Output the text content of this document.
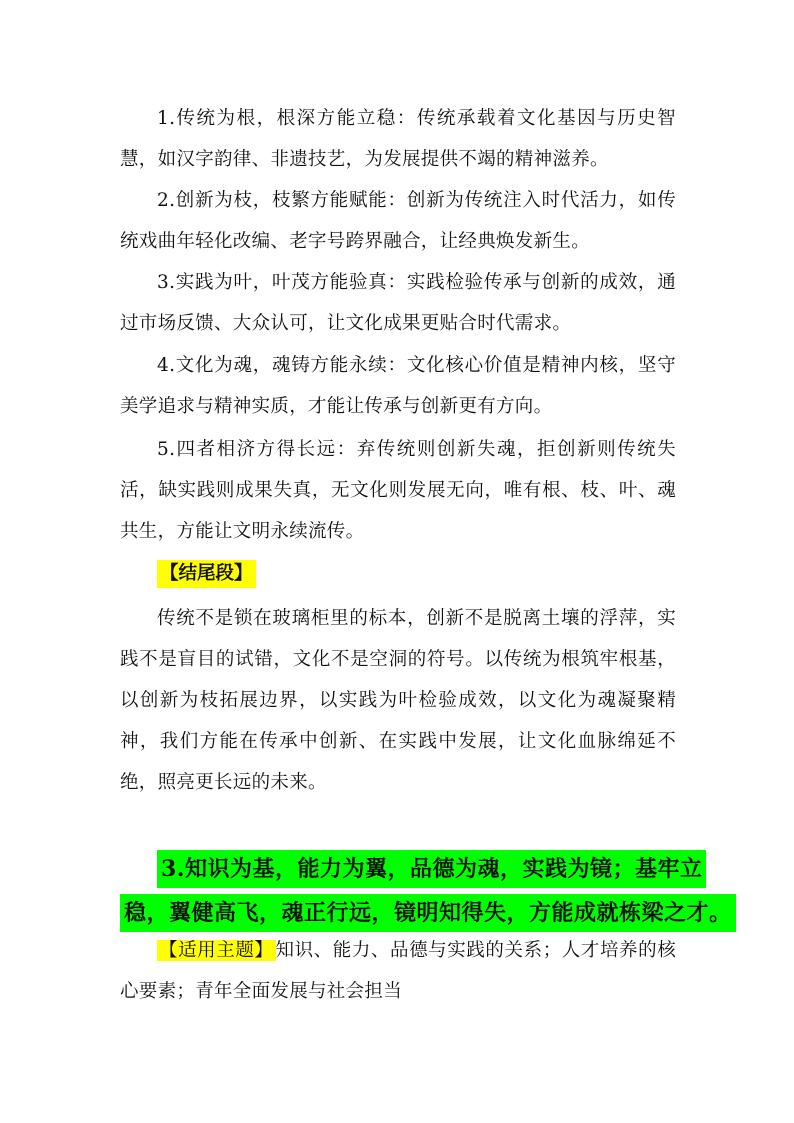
1.传统为根，根深方能立稳：传统承载着文化基因与历史智慧，如汉字韵律、非遗技艺，为发展提供不竭的精神滋养。

2.创新为枝，枝繁方能赋能：创新为传统注入时代活力，如传统戏曲年轻化改编、老字号跨界融合，让经典焕发新生。

3.实践为叶，叶茂方能验真：实践检验传承与创新的成效，通过市场反馈、大众认可，让文化成果更贴合时代需求。

4.文化为魂，魂铸方能永续：文化核心价值是精神内核，坚守美学追求与精神实质，才能让传承与创新更有方向。

5.四者相济方得长远：弃传统则创新失魂，拒创新则传统失活，缺实践则成果失真，无文化则发展无向，唯有根、枝、叶、魂共生，方能让文明永续流传。

【结尾段】

传统不是锁在玻璃柜里的标本，创新不是脱离土壤的浮萍，实践不是盲目的试错，文化不是空洞的符号。以传统为根筑牢根基，以创新为枝拓展边界，以实践为叶检验成效，以文化为魂凝聚精神，我们方能在传承中创新、在实践中发展，让文化血脉绵延不绝，照亮更长远的未来。

3.知识为基，能力为翼，品德为魂，实践为镜；基牢立
稳，翼健高飞，魂正行远，镜明知得失，方能成就栋梁之才。

【适用主题】 知识、能力、品德与实践的关系；人才培养的核心要素；青年全面发展与社会担当
